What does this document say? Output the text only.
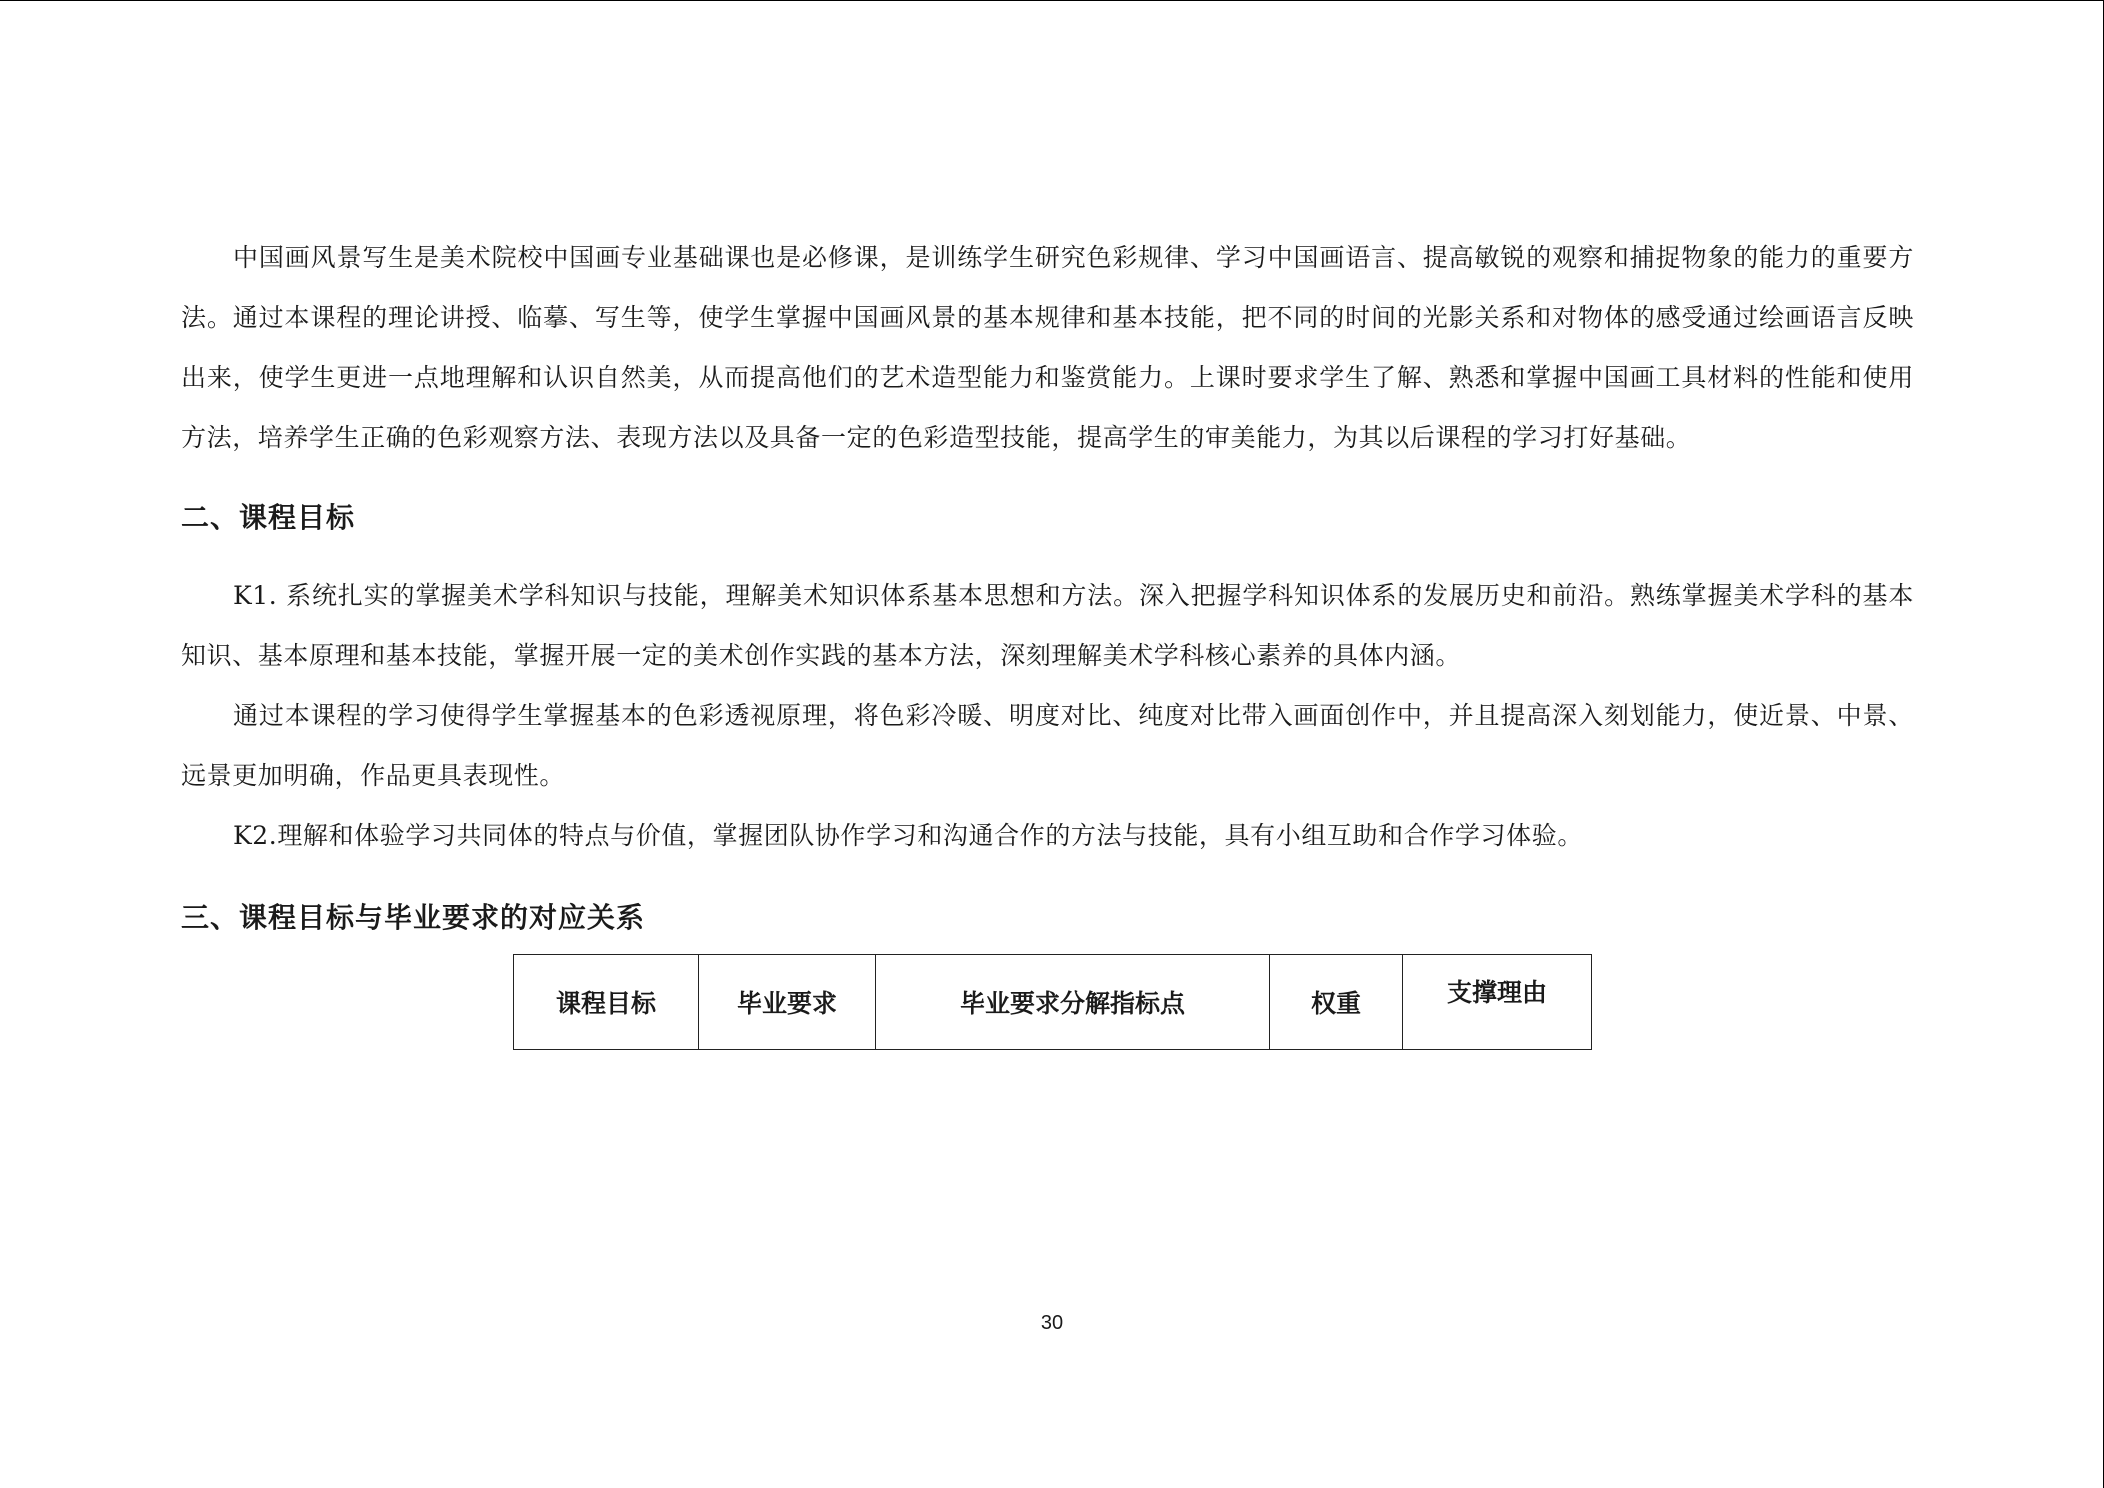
中国画风景写生是美术院校中国画专业基础课也是必修课，是训练学生研究色彩规律、学习中国画语言、提高敏锐的观察和捕捉物象的能力的重要方法。通过本课程的理论讲授、临摹、写生等，使学生掌握中国画风景的基本规律和基本技能，把不同的时间的光影关系和对物体的感受通过绘画语言反映出来，使学生更进一点地理解和认识自然美，从而提高他们的艺术造型能力和鉴赏能力。上课时要求学生了解、熟悉和掌握中国画工具材料的性能和使用方法，培养学生正确的色彩观察方法、表现方法以及具备一定的色彩造型技能，提高学生的审美能力，为其以后课程的学习打好基础。

二、课程目标

K1. 系统扎实的掌握美术学科知识与技能，理解美术知识体系基本思想和方法。深入把握学科知识体系的发展历史和前沿。熟练掌握美术学科的基本知识、基本原理和基本技能，掌握开展一定的美术创作实践的基本方法，深刻理解美术学科核心素养的具体内涵。

通过本课程的学习使得学生掌握基本的色彩透视原理，将色彩冷暖、明度对比、纯度对比带入画面创作中，并且提高深入刻划能力，使近景、中景、远景更加明确，作品更具表现性。

K2.理解和体验学习共同体的特点与价值，掌握团队协作学习和沟通合作的方法与技能，具有小组互助和合作学习体验。

三、课程目标与毕业要求的对应关系
课程目标	毕业要求	毕业要求分解指标点	权重	支撑理由
30
